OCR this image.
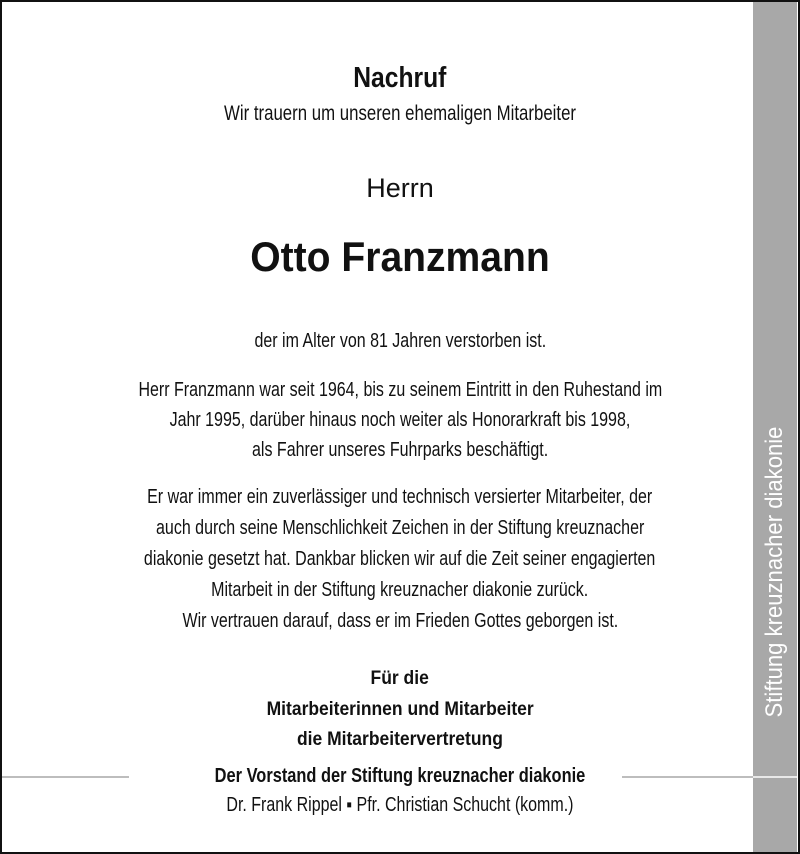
Stiftung kreuznacher diakonie
Nachruf
Wir trauern um unseren ehemaligen Mitarbeiter
Herrn
Otto Franzmann
der im Alter von 81 Jahren verstorben ist.
Herr Franzmann war seit 1964, bis zu seinem Eintritt in den Ruhestand im
Jahr 1995, darüber hinaus noch weiter als Honorarkraft bis 1998,
als Fahrer unseres Fuhrparks beschäftigt.
Er war immer ein zuverlässiger und technisch versierter Mitarbeiter, der
auch durch seine Menschlichkeit Zeichen in der Stiftung kreuznacher
diakonie gesetzt hat. Dankbar blicken wir auf die Zeit seiner engagierten
Mitarbeit in der Stiftung kreuznacher diakonie zurück.
Wir vertrauen darauf, dass er im Frieden Gottes geborgen ist.
Für die
Mitarbeiterinnen und Mitarbeiter
die Mitarbeitervertretung
Der Vorstand der Stiftung kreuznacher diakonie
Dr. Frank Rippel ▪ Pfr. Christian Schucht (komm.)
